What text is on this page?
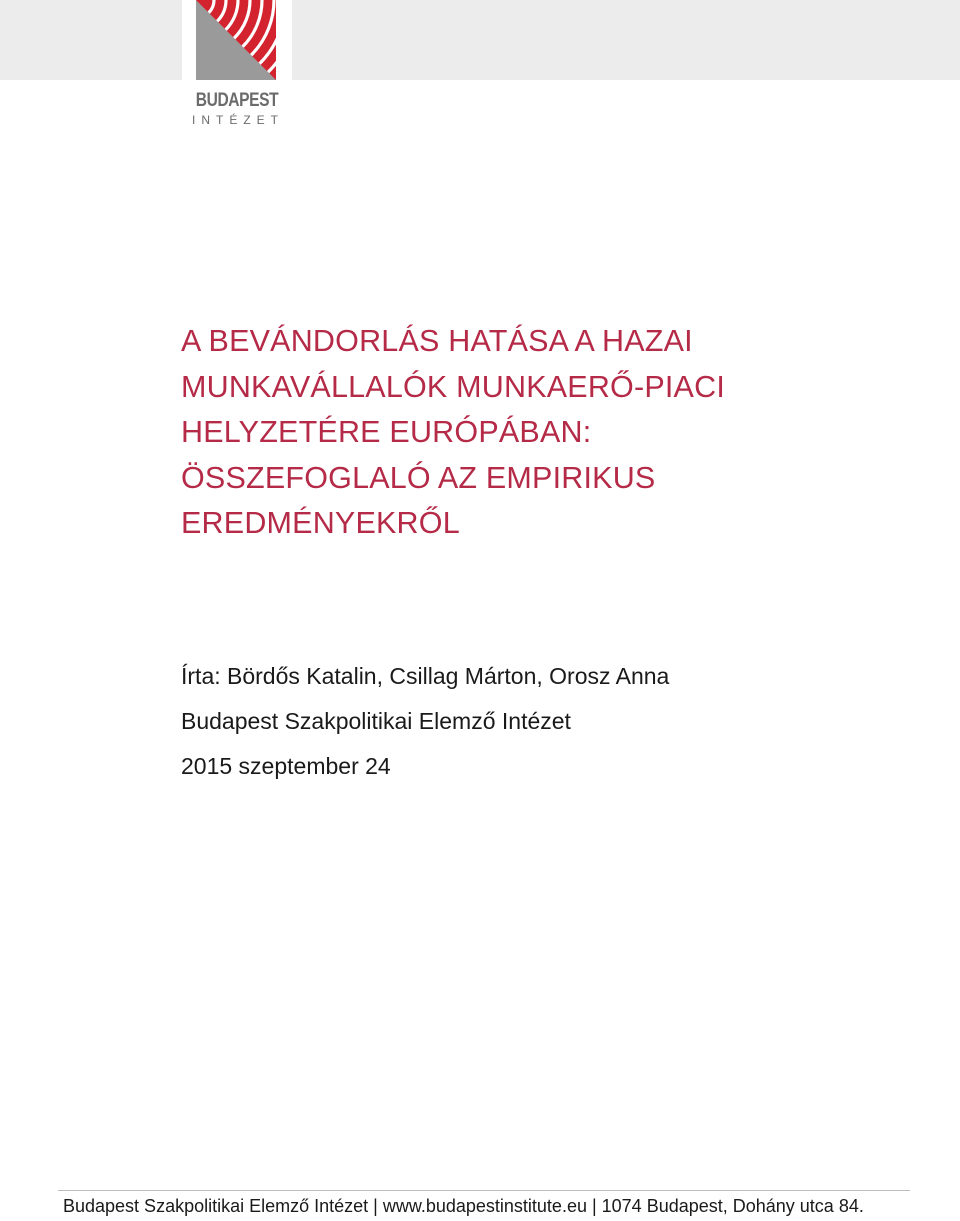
BUDAPEST
INTÉZET
A BEVÁNDORLÁS HATÁSA A HAZAI
MUNKAVÁLLALÓK MUNKAERŐ-PIACI
HELYZETÉRE EURÓPÁBAN:
ÖSSZEFOGLALÓ AZ EMPIRIKUS
EREDMÉNYEKRŐL
Írta: Bördős Katalin, Csillag Márton, Orosz Anna
Budapest Szakpolitikai Elemző Intézet
2015 szeptember 24
Budapest Szakpolitikai Elemző Intézet | www.budapestinstitute.eu | 1074 Budapest, Dohány utca 84.
